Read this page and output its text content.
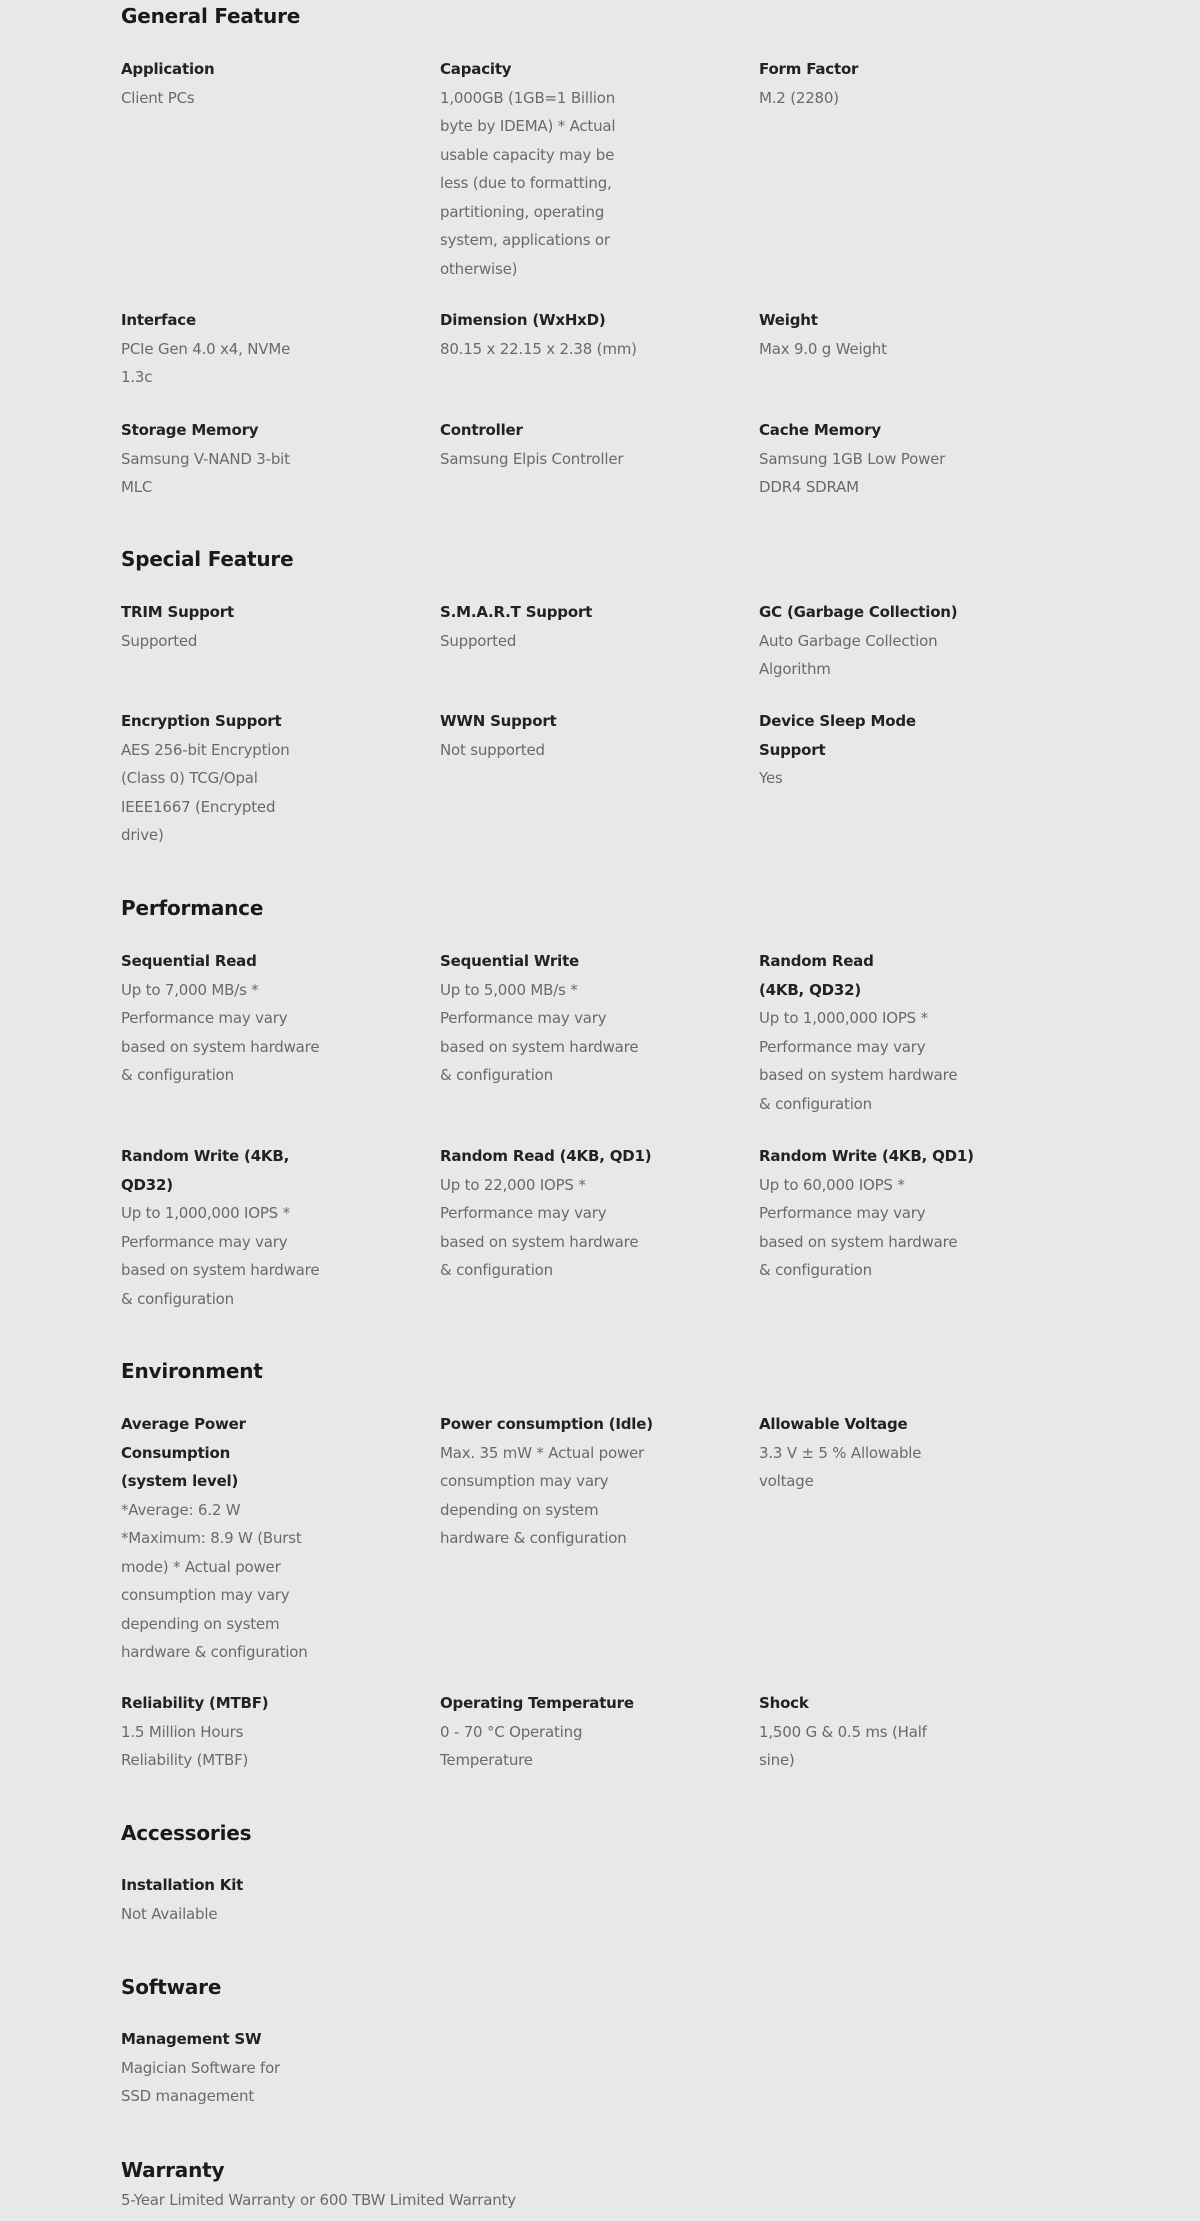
General Feature
Application
Client PCs
Capacity
1,000GB (1GB=1 Billion byte by IDEMA) * Actual usable capacity may be less (due to formatting, partitioning, operating system, applications or otherwise)
Form Factor
M.2 (2280)
Interface
PCIe Gen 4.0 x4, NVMe 1.3c
Dimension (WxHxD)
80.15 x 22.15 x 2.38 (mm)
Weight
Max 9.0 g Weight
Storage Memory
Samsung V-NAND 3-bit MLC
Controller
Samsung Elpis Controller
Cache Memory
Samsung 1GB Low Power DDR4 SDRAM
Special Feature
TRIM Support
Supported
S.M.A.R.T Support
Supported
GC (Garbage Collection)
Auto Garbage Collection Algorithm
Encryption Support
AES 256-bit Encryption (Class 0) TCG/Opal IEEE1667 (Encrypted drive)
WWN Support
Not supported
Device Sleep Mode Support
Yes
Performance
Sequential Read
Up to 7,000 MB/s * Performance may vary based on system hardware & configuration
Sequential Write
Up to 5,000 MB/s * Performance may vary based on system hardware & configuration
Random Read (4KB, QD32)
Up to 1,000,000 IOPS * Performance may vary based on system hardware & configuration
Random Write (4KB, QD32)
Up to 1,000,000 IOPS * Performance may vary based on system hardware & configuration
Random Read (4KB, QD1)
Up to 22,000 IOPS * Performance may vary based on system hardware & configuration
Random Write (4KB, QD1)
Up to 60,000 IOPS * Performance may vary based on system hardware & configuration
Environment
Average Power Consumption (system level)
*Average: 6.2 W *Maximum: 8.9 W (Burst mode) * Actual power consumption may vary depending on system hardware & configuration
Power consumption (Idle)
Max. 35 mW * Actual power consumption may vary depending on system hardware & configuration
Allowable Voltage
3.3 V ± 5 % Allowable voltage
Reliability (MTBF)
1.5 Million Hours Reliability (MTBF)
Operating Temperature
0 - 70 °C Operating Temperature
Shock
1,500 G & 0.5 ms (Half sine)
Accessories
Installation Kit
Not Available
Software
Management SW
Magician Software for SSD management
Warranty
5-Year Limited Warranty or 600 TBW Limited Warranty
